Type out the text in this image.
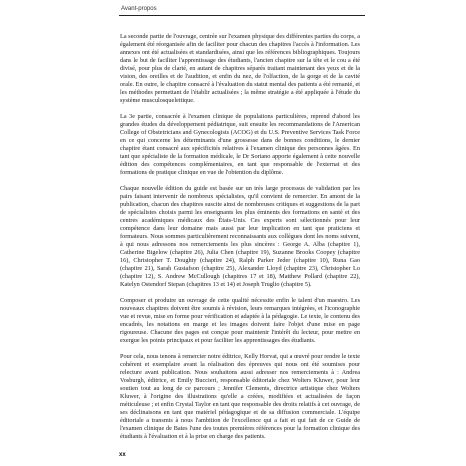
Avant-propos

La seconde partie de l'ouvrage, centrée sur l'examen physique des différentes parties du corps, a également été réorganisée afin de faciliter pour chacun des chapitres l'accès à l'information. Les annexes ont été actualisées et standardisées, ainsi que les références bibliographiques. Toujours dans le but de faciliter l'apprentissage des étudiants, l'ancien chapitre sur la tête et le cou a été divisé, pour plus de clarté, en autant de chapitres séparés traitant maintenant des yeux et de la vision, des oreilles et de l'audition, et enfin du nez, de l'olfaction, de la gorge et de la cavité orale. En outre, le chapitre consacré à l'évaluation du statut mental des patients a été remanié, et les méthodes permettant de l'établir actualisées ; la même stratégie a été appliquée à l'étude du système musculosquelettique.

La 3e partie, consacrée à l'examen clinique de populations particulières, reprend d'abord les grandes études du développement pédiatrique, suit ensuite les recommandations de l'American College of Obstetricians and Gynecologists (ACOG) et du U.S. Preventive Services Task Force en ce qui concerne les déterminants d'une grossesse dans de bonnes conditions, le dernier chapitre étant consacré aux spécificités relatives à l'examen clinique des personnes âgées. En tant que spécialiste de la formation médicale, le Dr Soriano apporte également à cette nouvelle édition des compétences complémentaires, en tant que responsable de l'externat et des formations de pratique clinique en vue de l'obtention du diplôme.

Chaque nouvelle édition du guide est basée sur un très large processus de validation par les pairs faisant intervenir de nombreux spécialistes, qu'il convient de remercier. En amont de la publication, chacun des chapitres suscite ainsi de nombreuses critiques et suggestions de la part de spécialistes choisis parmi les enseignants les plus éminents des formations en santé et des centres académiques médicaux des États-Unis. Ces experts sont sélectionnés pour leur compétence dans leur domaine mais aussi par leur implication en tant que praticiens et formateurs. Nous sommes particulièrement reconnaissants aux collègues dont les noms suivent, à qui nous adressons nos remerciements les plus sincères : George A. Alba (chapitre 1), Catherine Bigelow (chapitre 26), Julia Chen (chapitre 19), Suzanne Brooks Coopey (chapitre 16), Christopher T. Doughty (chapitre 24), Ralph Parker Jeder (chapitre 10), Runa Gao (chapitre 21), Sarah Gustafson (chapitre 25), Alexander Lloyd (chapitre 23), Christopher Lo (chapitre 12), S. Andrew McCullough (chapitres 17 et 18), Matthew Pollard (chapitre 22), Katelyn Ostendorf Stepan (chapitres 13 et 14) et Joseph Truglio (chapitre 5).

Composer et produire un ouvrage de cette qualité nécessite enfin le talent d'un maestro. Les nouveaux chapitres doivent être soumis à révision, leurs remarques intégrées, et l'iconographie vue et revue, mise en forme pour vérification et adaptée à la pédagogie. Le texte, le contenu des encadrés, les notations en marge et les images doivent faire l'objet d'une mise en page rigoureuse. Chacune des pages est conçue pour maintenir l'intérêt du lecteur, pour mettre en exergue les points principaux et pour faciliter les apprentissages des étudiants.

Pour cela, nous tenons à remercier notre éditrice, Kelly Horvat, qui a œuvré pour rendre le texte cohérent et exemplaire avant la réalisation des épreuves qui nous ont été soumises pour relecture avant publication. Nous souhaitons aussi adresser nos remerciements à : Andrea Vosburgh, éditrice, et Emily Buccieri, responsable éditoriale chez Wolters Kluwer, pour leur soutien tout au long de ce parcours ; Jennifer Clements, directrice artistique chez Wolters Kluwer, à l'origine des illustrations qu'elle a créées, modifiées et actualisées de façon méticuleuse ; et enfin Crystal Taylor en tant que responsable des droits relatifs à cet ouvrage, de ses déclinaisons en tant que matériel pédagogique et de sa diffusion commerciale. L'équipe éditoriale a transmis à nous l'ambition de l'excellence qui a fait et qui fait de ce Guide de l'examen clinique de Bates l'une des toutes premières références pour la formation clinique des étudiants à l'évaluation et à la prise en charge des patients.

xx
